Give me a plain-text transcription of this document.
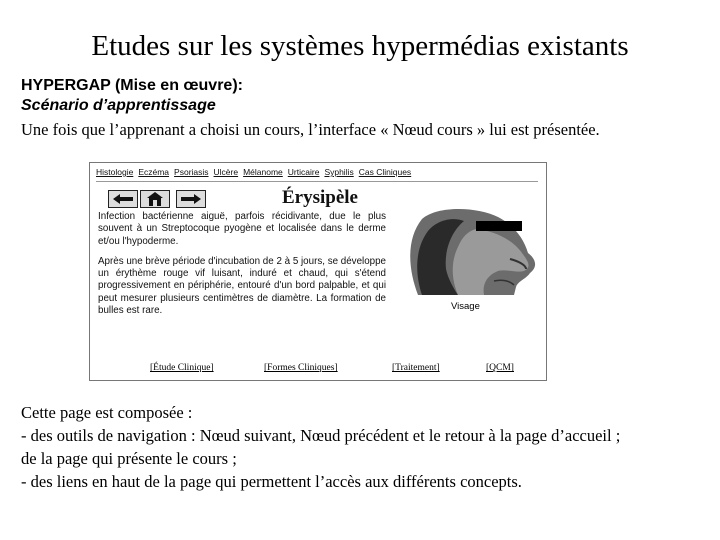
Etudes sur les systèmes hypermédias existants
HYPERGAP (Mise en œuvre):
Scénario d’apprentissage
Une fois que l’apprenant a choisi un cours, l’interface « Nœud cours » lui est présentée.
Histologie Eczéma Psoriasis Ulcère Mélanome Urticaire Syphilis Cas Cliniques
Érysipèle

Infection bactérienne aiguë, parfois récidivante, due le plus souvent à un Streptocoque pyogène et localisée dans le derme et/ou l'hypoderme.

Après une brève période d'incubation de 2 à 5 jours, se développe un érythème rouge vif luisant, induré et chaud, qui s'étend progressivement en périphérie, entouré d'un bord palpable, et qui peut mesurer plusieurs centimètres de diamètre. La formation de bulles est rare.	Visage
[Étude Clinique]	[Formes Cliniques]	[Traitement]	[QCM]
Cette page est composée :
- des outils de navigation : Nœud suivant, Nœud précédent et le retour à la page d’accueil ;
de la page qui présente le cours ;
- des liens en haut de la page qui permettent l’accès aux différents concepts.
